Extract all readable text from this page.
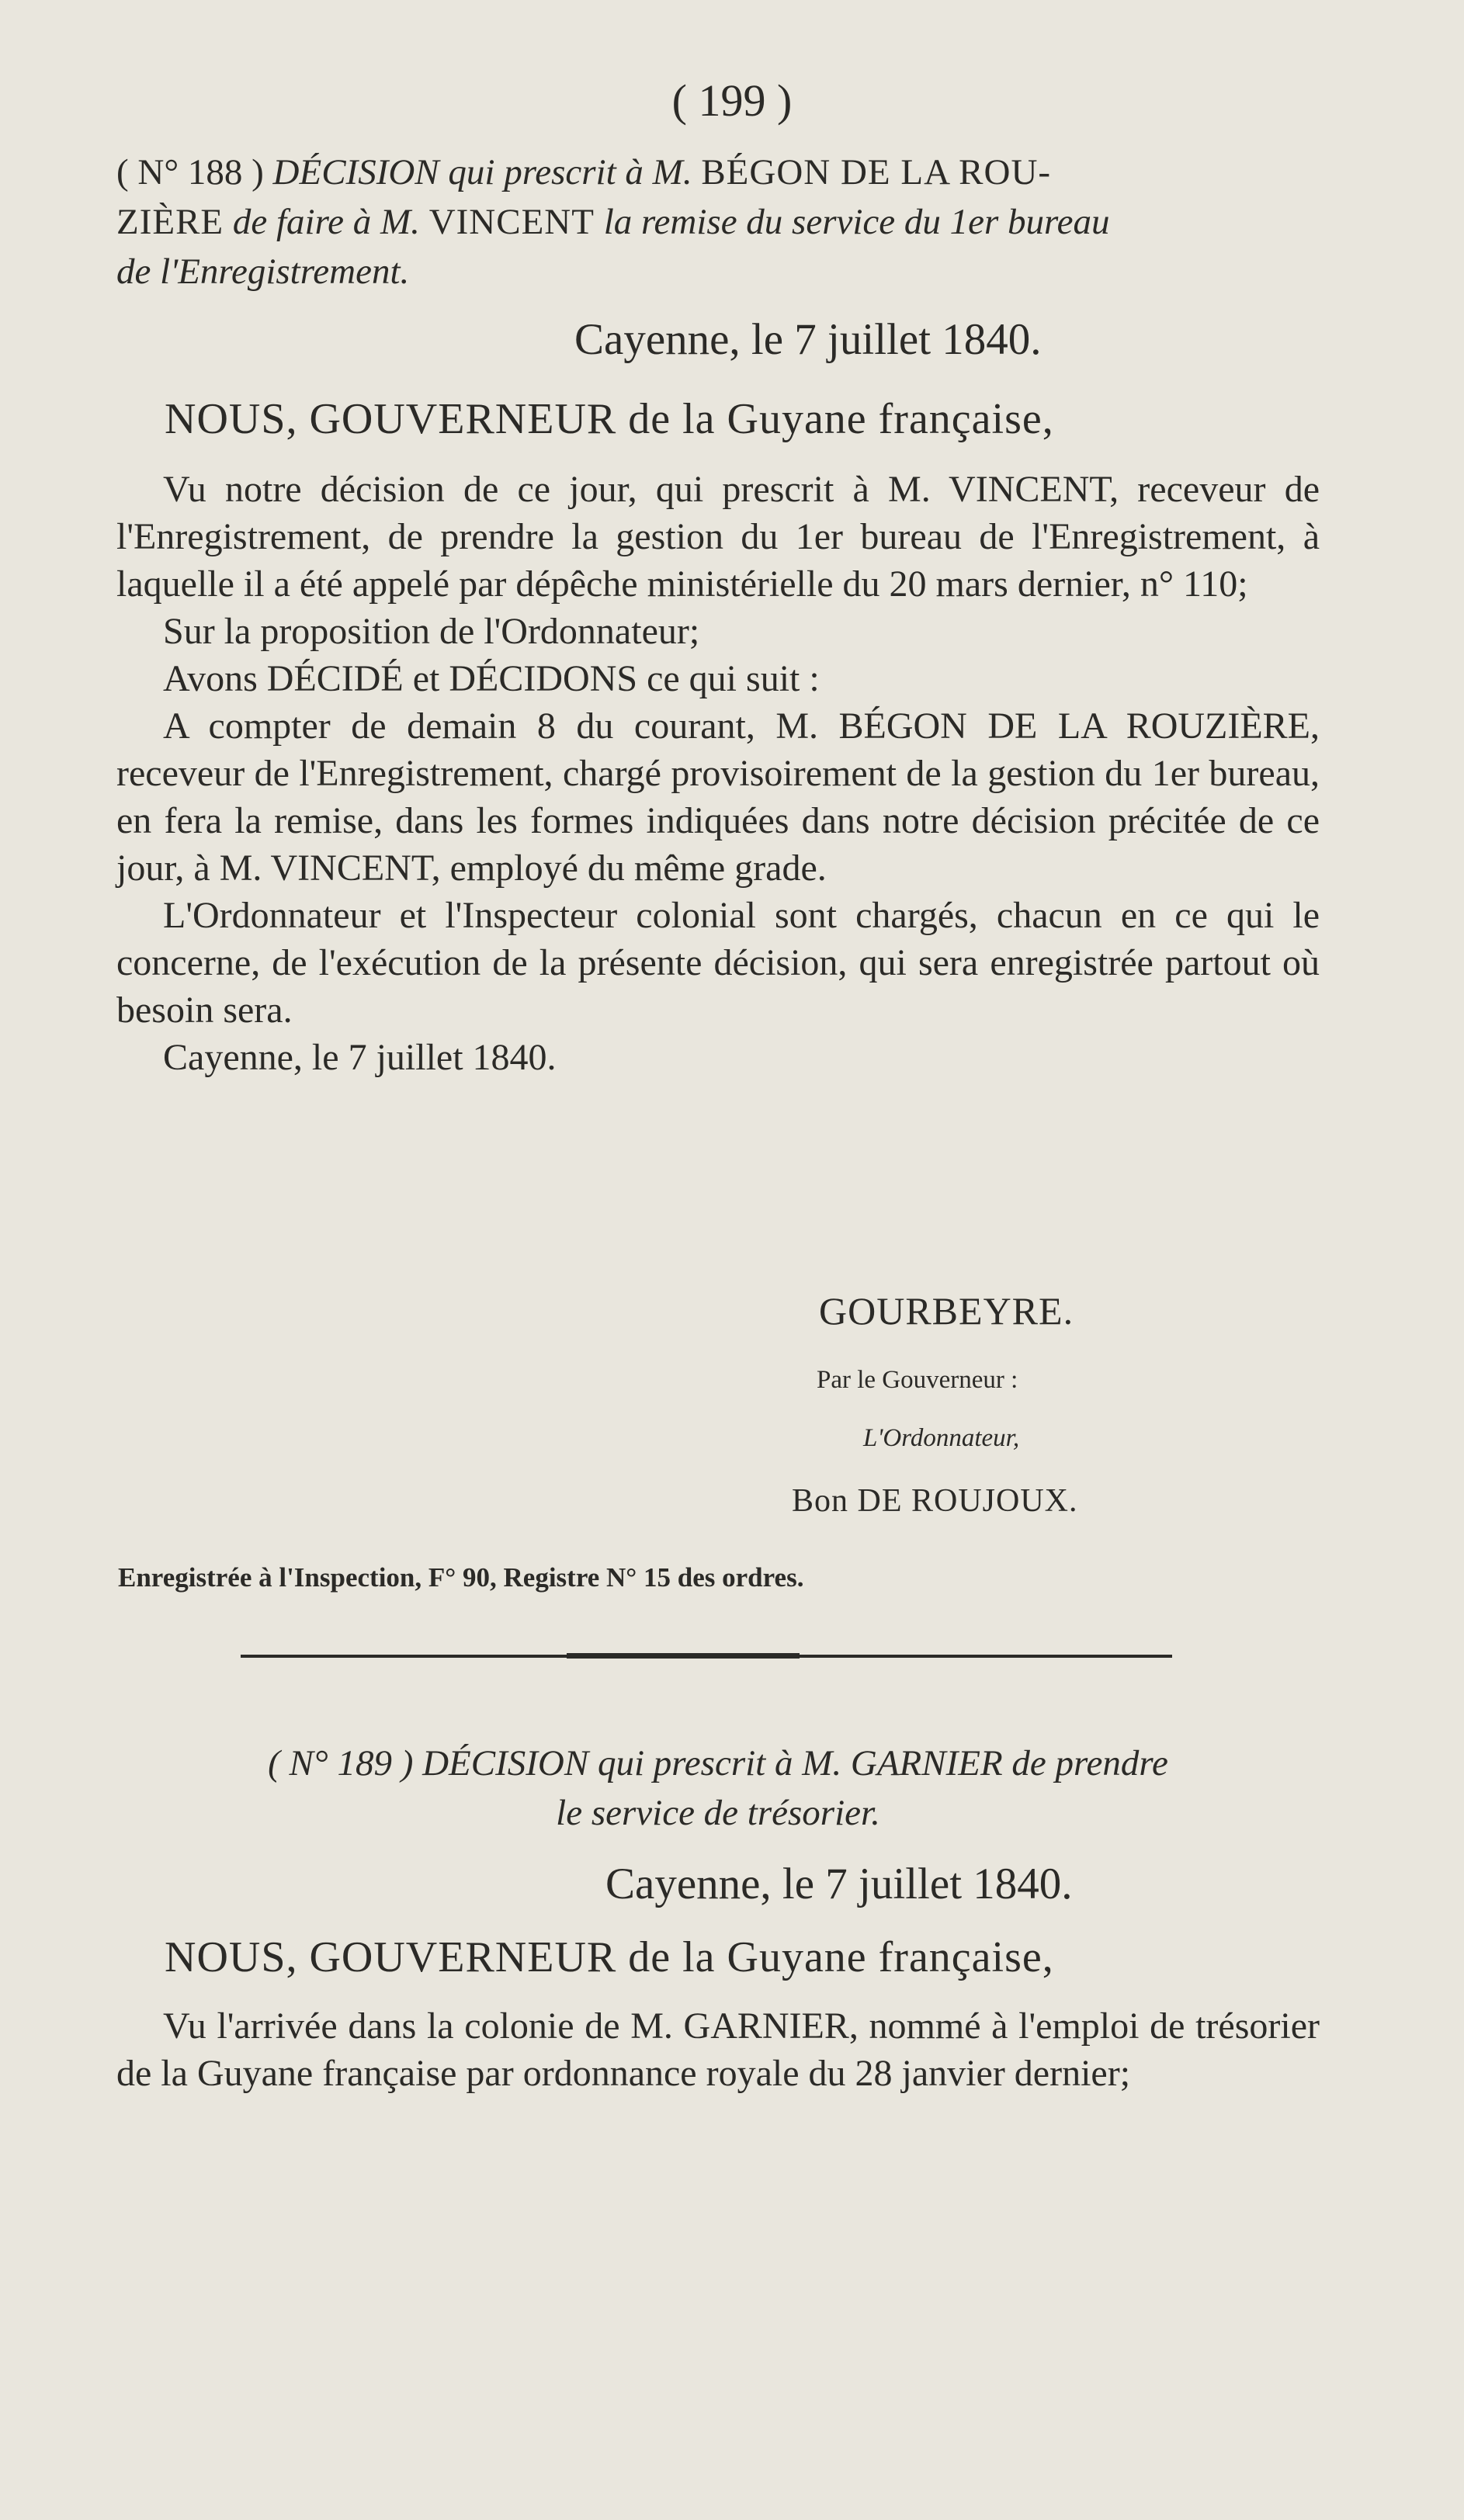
( 199 )
( N° 188 ) DÉCISION qui prescrit à M. BÉGON DE LA ROU-
ZIÈRE de faire à M. VINCENT la remise du service du 1er bureau
de l'Enregistrement.
Cayenne, le 7 juillet 1840.
NOUS, GOUVERNEUR de la Guyane française,

Vu notre décision de ce jour, qui prescrit à M. VINCENT, receveur de l'Enregistrement, de prendre la gestion du 1er bureau de l'Enregistrement, à laquelle il a été appelé par dépêche ministérielle du 20 mars dernier, n° 110;

Sur la proposition de l'Ordonnateur;

Avons DÉCIDÉ et DÉCIDONS ce qui suit :

A compter de demain 8 du courant, M. BÉGON DE LA ROUZIÈRE, receveur de l'Enregistrement, chargé provisoirement de la gestion du 1er bureau, en fera la remise, dans les formes indiquées dans notre décision précitée de ce jour, à M. VINCENT, employé du même grade.

L'Ordonnateur et l'Inspecteur colonial sont chargés, chacun en ce qui le concerne, de l'exécution de la présente décision, qui sera enregistrée partout où besoin sera.

Cayenne, le 7 juillet 1840.

GOURBEYRE.
Par le Gouverneur :
L'Ordonnateur,
Bon DE ROUJOUX.
Enregistrée à l'Inspection, F° 90, Registre N° 15 des ordres.
( N° 189 ) DÉCISION qui prescrit à M. GARNIER de prendre
le service de trésorier.
Cayenne, le 7 juillet 1840.
NOUS, GOUVERNEUR de la Guyane française,

Vu l'arrivée dans la colonie de M. GARNIER, nommé à l'emploi de trésorier de la Guyane française par ordonnance royale du 28 janvier dernier;
